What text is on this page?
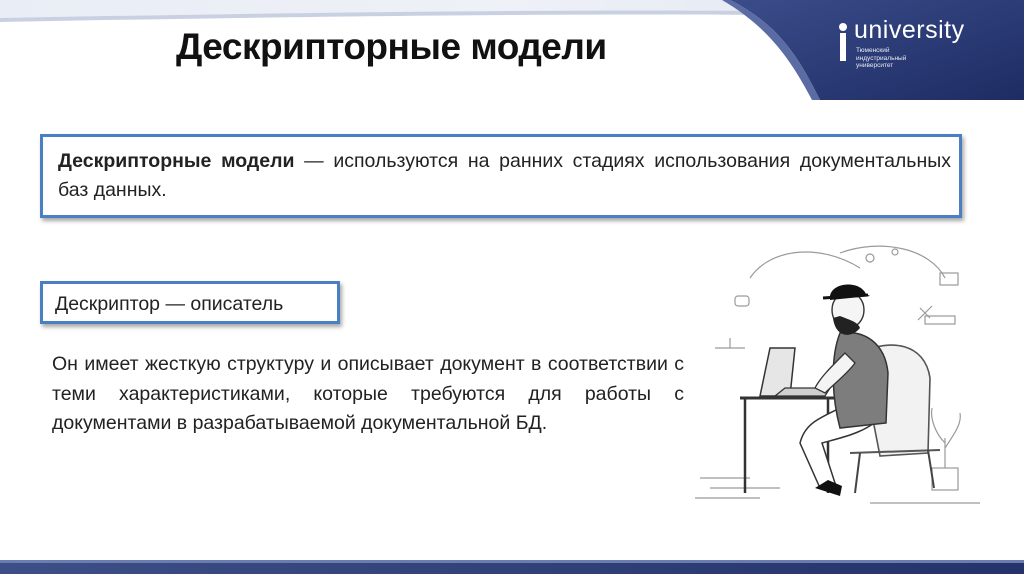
Дескрипторные модели	university
Тюменский
индустриальный
университет
Дескрипторные модели — используются на ранних стадиях использования документальных баз данных.
Дескриптор — описатель

Он имеет жесткую структуру и описывает документ в соответствии с теми характеристиками, которые требуются для работы с документами в разрабатываемой документальной БД.
